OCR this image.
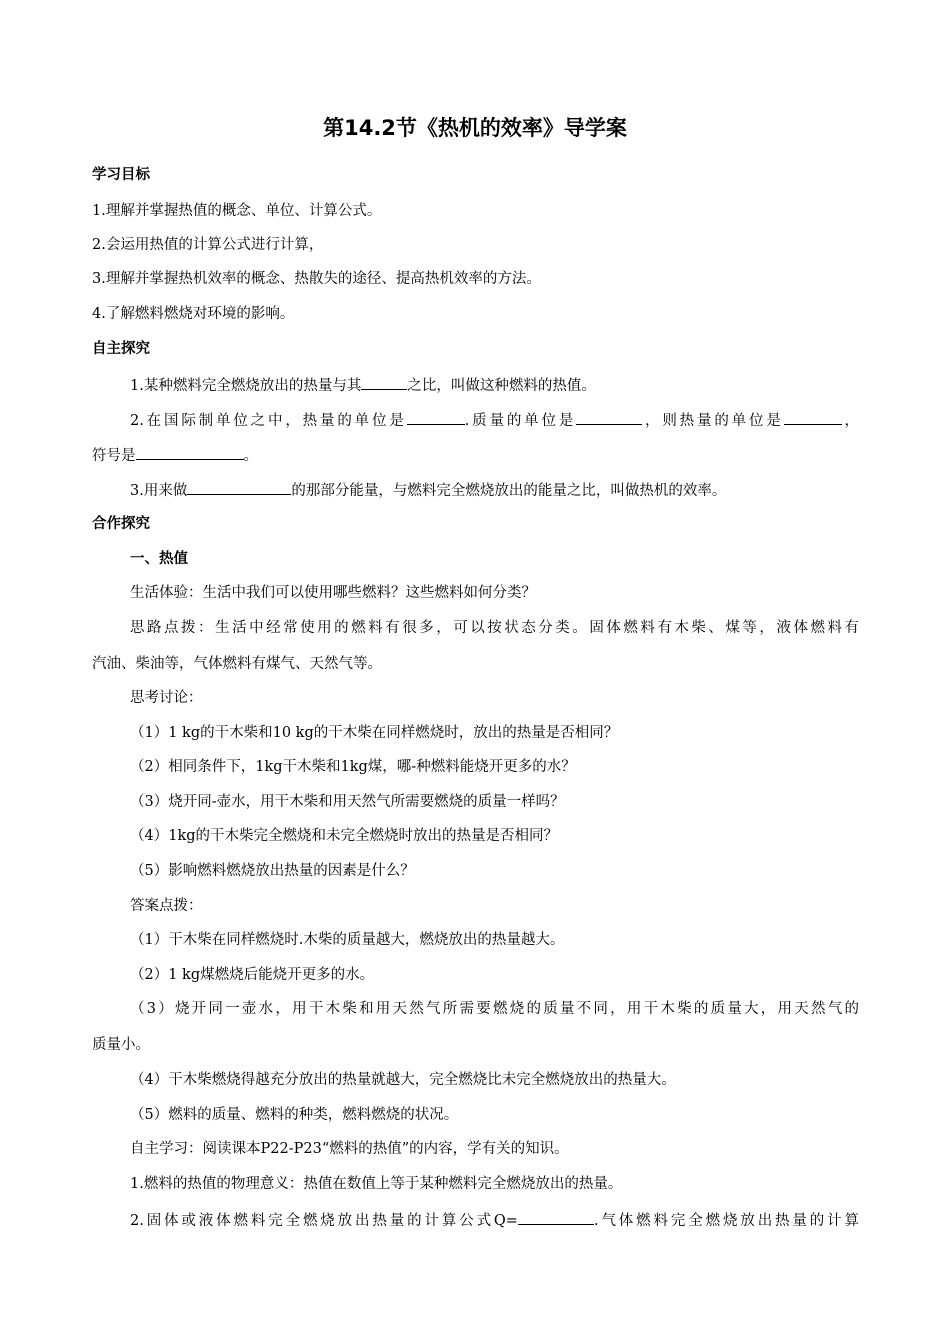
第14.2节《热机的效率》导学案
学习目标
1.理解并掌握热值的概念、单位、计算公式。
2.会运用热值的计算公式进行计算，
3.理解并掌握热机效率的概念、热散失的途径、提高热机效率的方法。
4.了解燃料燃烧对环境的影响。
自主探究
1.某种燃料完全燃烧放出的热量与其	之比，叫做这种燃料的热值。
2.在国际制单位之中，热量的单位是	.质量的单位是	，则热量的单位是	，
符号是	。
3.用来做	的那部分能量，与燃料完全燃烧放出的能量之比，叫做热机的效率。
合作探究
一、热值
生活体验：生活中我们可以使用哪些燃料？这些燃料如何分类？
思路点拨：生活中经常使用的燃料有很多，可以按状态分类。固体燃料有木柴、煤等，液体燃料有
汽油、柴油等，气体燃料有煤气、天然气等。
思考讨论：
（1）1 kg的干木柴和10 kg的干木柴在同样燃烧时，放出的热量是否相同？
（2）相同条件下，1kg干木柴和1kg煤，哪-种燃料能烧开更多的水？
（3）烧开同-壶水，用干木柴和用天然气所需要燃烧的质量一样吗？
（4）1kg的干木柴完全燃烧和未完全燃烧时放出的热量是否相同？
（5）影响燃料燃烧放出热量的因素是什么？
答案点拨：
（1）干木柴在同样燃烧时.木柴的质量越大，燃烧放出的热量越大。
（2）1 kg煤燃烧后能烧开更多的水。
（3）烧开同一壶水，用干木柴和用天然气所需要燃烧的质量不同，用干木柴的质量大，用天然气的
质量小。
（4）干木柴燃烧得越充分放出的热量就越大，完全燃烧比未完全燃烧放出的热量大。
（5）燃料的质量、燃料的种类，燃料燃烧的状况。
自主学习：阅读课本P22-P23“燃料的热值”的内容，学有关的知识。
1.燃料的热值的物理意义：热值在数值上等于某种燃料完全燃烧放出的热量。
2.固体或液体燃料完全燃烧放出热量的计算公式Q=	.气体燃料完全燃烧放出热量的计算
